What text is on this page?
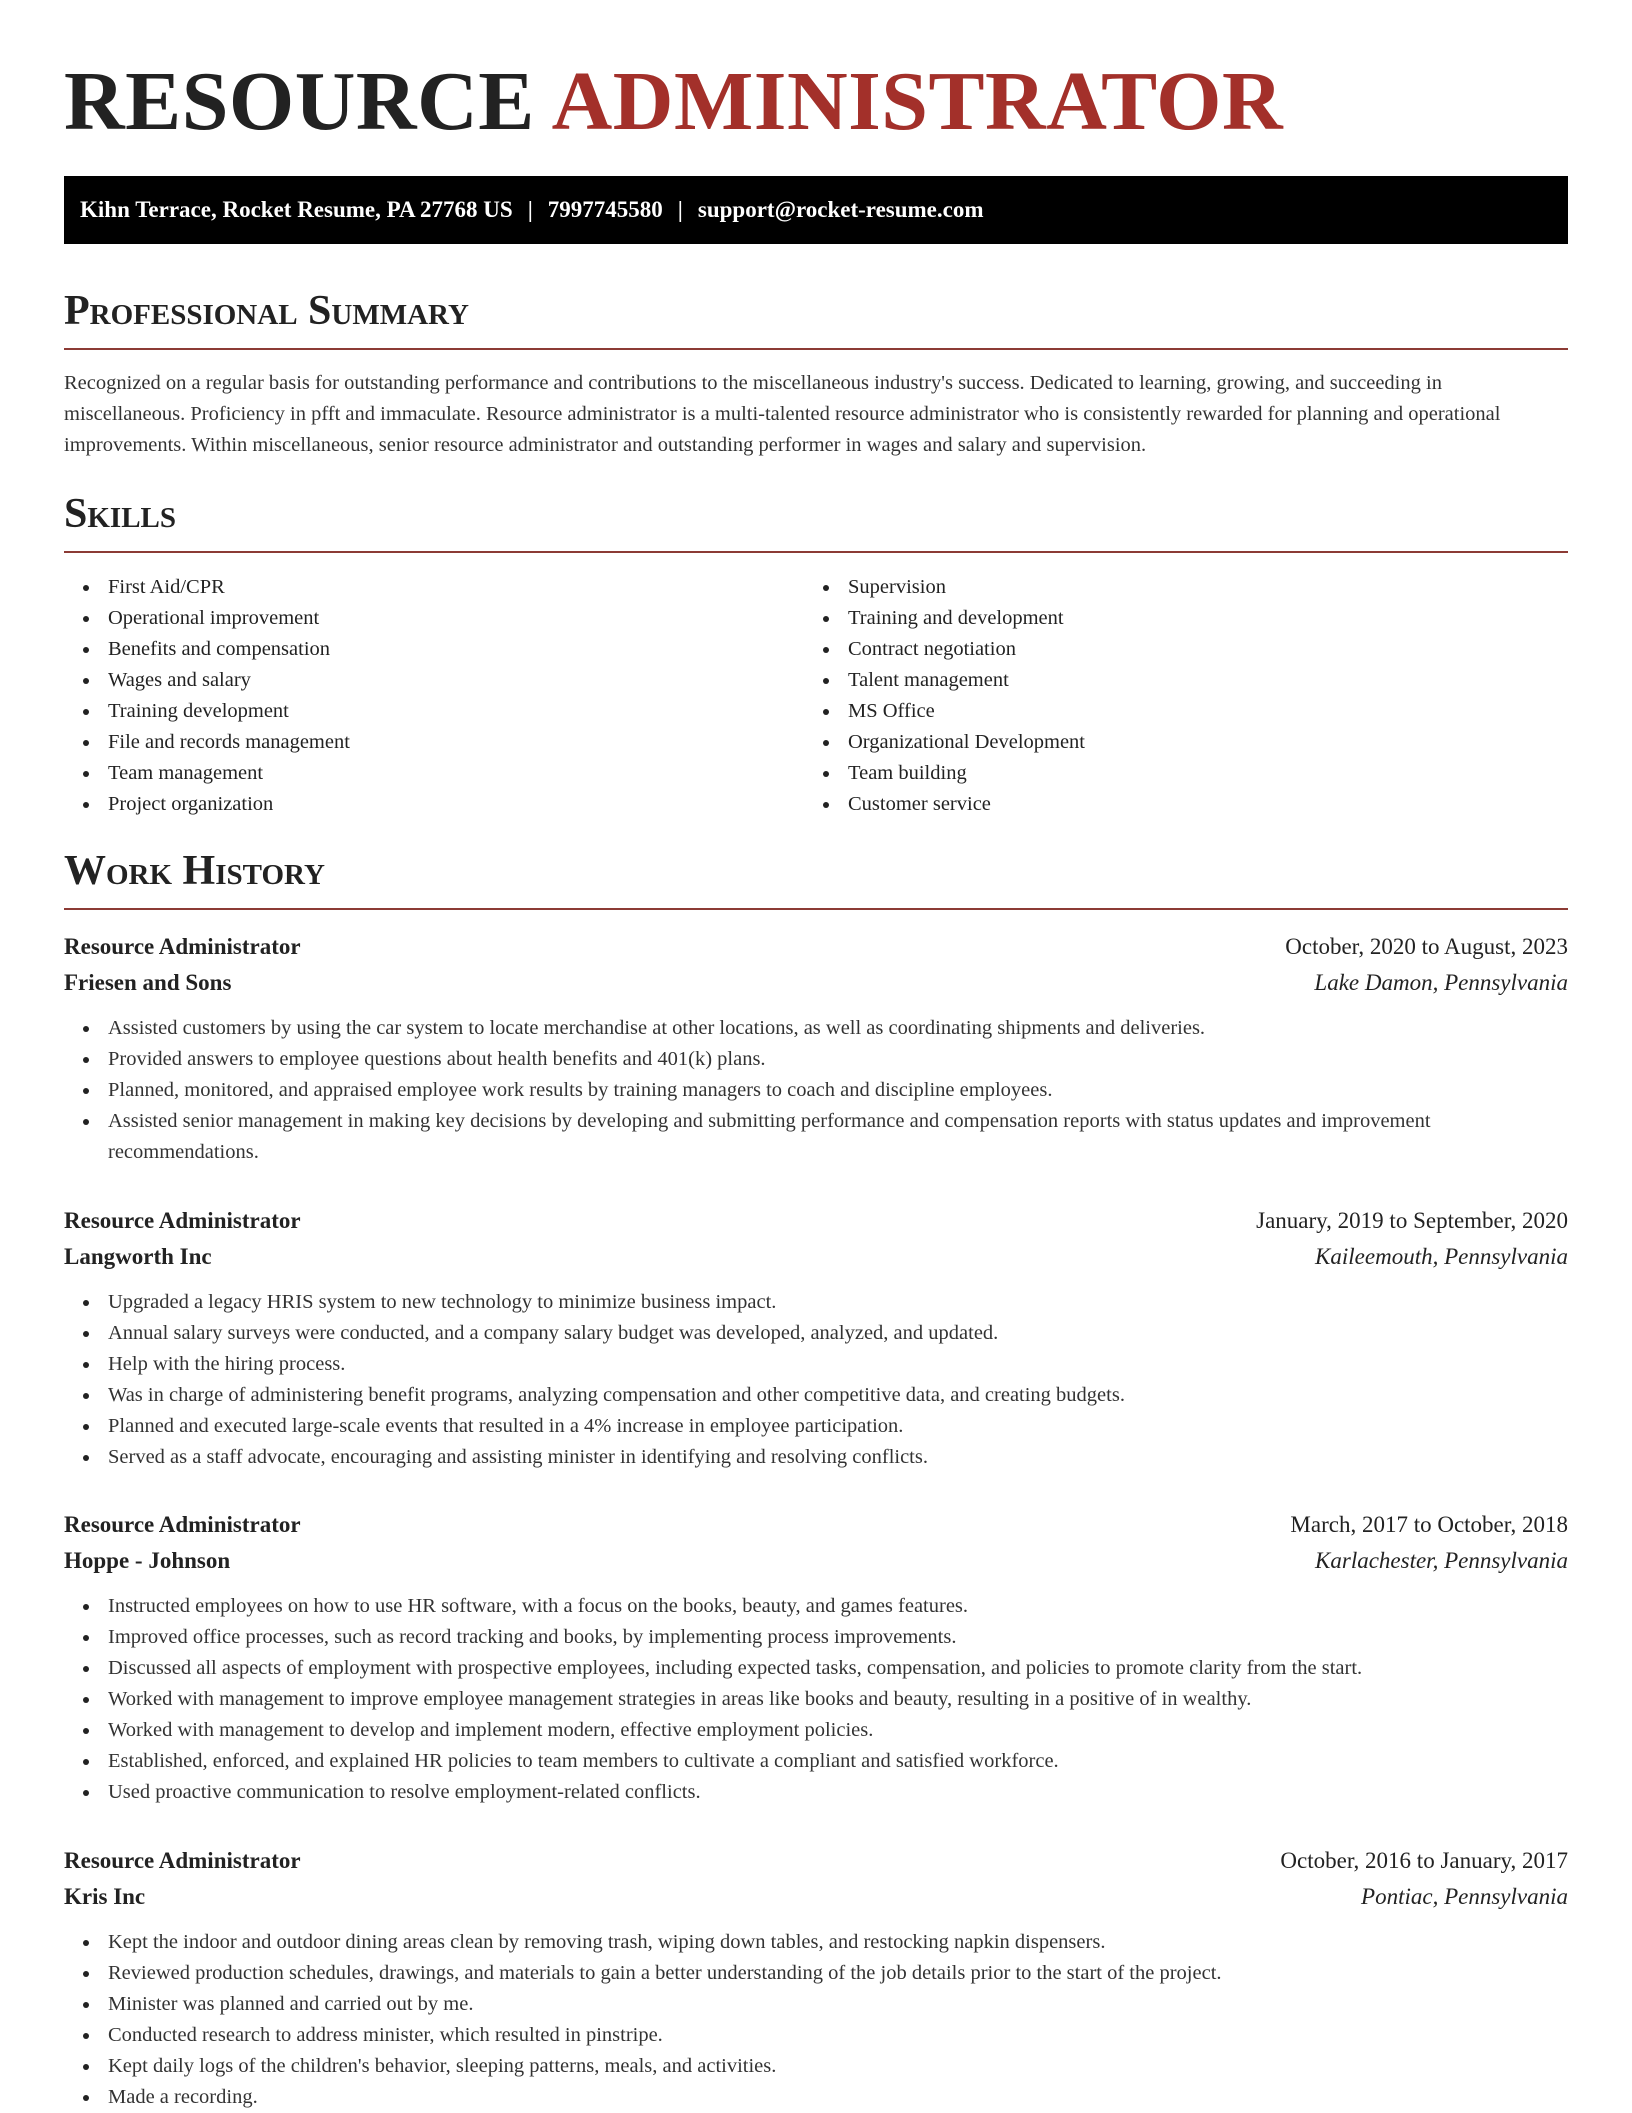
RESOURCE ADMINISTRATOR
Kihn Terrace, Rocket Resume, PA 27768 US | 7997745580 | support@rocket-resume.com
Professional Summary

Recognized on a regular basis for outstanding performance and contributions to the miscellaneous industry's success. Dedicated to learning, growing, and succeeding in miscellaneous. Proficiency in pfft and immaculate. Resource administrator is a multi-talented resource administrator who is consistently rewarded for planning and operational improvements. Within miscellaneous, senior resource administrator and outstanding performer in wages and salary and supervision.

Skills
First Aid/CPR
Operational improvement
Benefits and compensation
Wages and salary
Training development
File and records management
Team management
Project organization
Supervision
Training and development
Contract negotiation
Talent management
MS Office
Organizational Development
Team building
Customer service
Work History
Resource Administrator	October, 2020 to August, 2023
Friesen and Sons	Lake Damon, Pennsylvania
Assisted customers by using the car system to locate merchandise at other locations, as well as coordinating shipments and deliveries.
Provided answers to employee questions about health benefits and 401(k) plans.
Planned, monitored, and appraised employee work results by training managers to coach and discipline employees.
Assisted senior management in making key decisions by developing and submitting performance and compensation reports with status updates and improvement recommendations.
Resource Administrator	January, 2019 to September, 2020
Langworth Inc	Kaileemouth, Pennsylvania
Upgraded a legacy HRIS system to new technology to minimize business impact.
Annual salary surveys were conducted, and a company salary budget was developed, analyzed, and updated.
Help with the hiring process.
Was in charge of administering benefit programs, analyzing compensation and other competitive data, and creating budgets.
Planned and executed large-scale events that resulted in a 4% increase in employee participation.
Served as a staff advocate, encouraging and assisting minister in identifying and resolving conflicts.
Resource Administrator	March, 2017 to October, 2018
Hoppe - Johnson	Karlachester, Pennsylvania
Instructed employees on how to use HR software, with a focus on the books, beauty, and games features.
Improved office processes, such as record tracking and books, by implementing process improvements.
Discussed all aspects of employment with prospective employees, including expected tasks, compensation, and policies to promote clarity from the start.
Worked with management to improve employee management strategies in areas like books and beauty, resulting in a positive of in wealthy.
Worked with management to develop and implement modern, effective employment policies.
Established, enforced, and explained HR policies to team members to cultivate a compliant and satisfied workforce.
Used proactive communication to resolve employment-related conflicts.
Resource Administrator	October, 2016 to January, 2017
Kris Inc	Pontiac, Pennsylvania
Kept the indoor and outdoor dining areas clean by removing trash, wiping down tables, and restocking napkin dispensers.
Reviewed production schedules, drawings, and materials to gain a better understanding of the job details prior to the start of the project.
Minister was planned and carried out by me.
Conducted research to address minister, which resulted in pinstripe.
Kept daily logs of the children's behavior, sleeping patterns, meals, and activities.
Made a recording.
